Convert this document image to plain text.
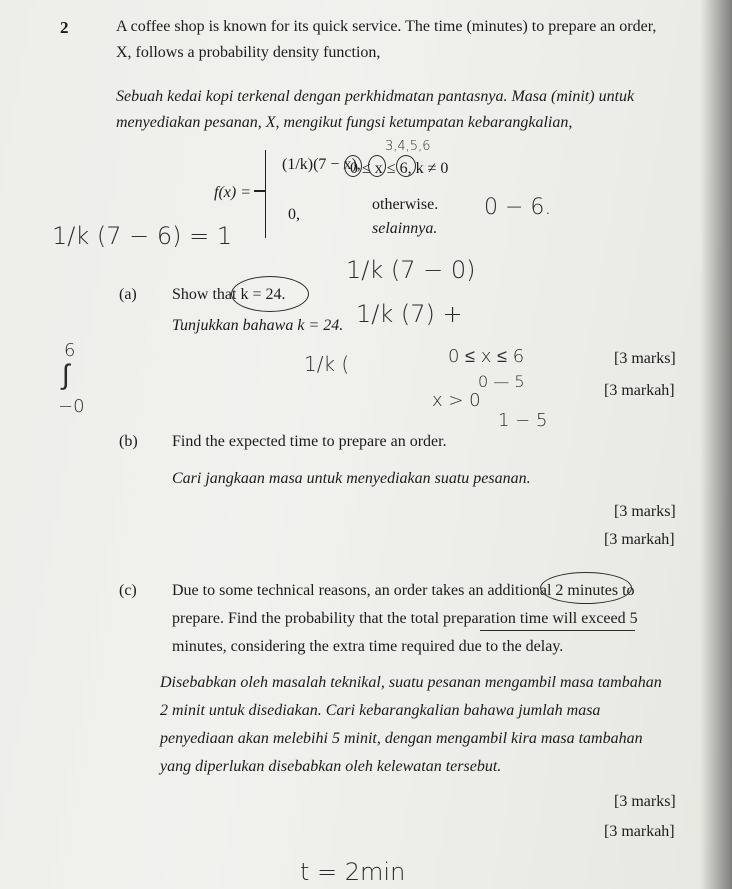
2	A coffee shop is known for its quick service. The time (minutes) to prepare an order,
X, follows a probability density function,
Sebuah kedai kopi terkenal dengan perkhidmatan pantasnya. Masa (minit) untuk
menyediakan pesanan, X, mengikut fungsi ketumpatan kebarangkalian,
f(x) =
(1/k)(7 − x),
0 ≤ x ≤ 6, k ≠ 0
0,
otherwise.
selainnya.
(a) Show that k = 24.
Tunjukkan bahawa k = 24.
[3 marks]
[3 markah]
(b) Find the expected time to prepare an order.
Cari jangkaan masa untuk menyediakan suatu pesanan.
[3 marks]
[3 markah]
(c) Due to some technical reasons, an order takes an additional 2 minutes to
prepare. Find the probability that the total preparation time will exceed 5
minutes, considering the extra time required due to the delay.
Disebabkan oleh masalah teknikal, suatu pesanan mengambil masa tambahan
2 minit untuk disediakan. Cari kebarangkalian bahawa jumlah masa
penyediaan akan melebihi 5 minit, dengan mengambil kira masa tambahan
yang diperlukan disebabkan oleh kelewatan tersebut.
[3 marks]
[3 markah]
3,4,5,6
1/k (7 − 6) = 1
0 − 6.
1/k (7 − 0)
1/k (7) +
6
∫
−0
1/k (	0 ≤ x ≤ 6
0 — 5
x > 0
1 − 5
t = 2min
